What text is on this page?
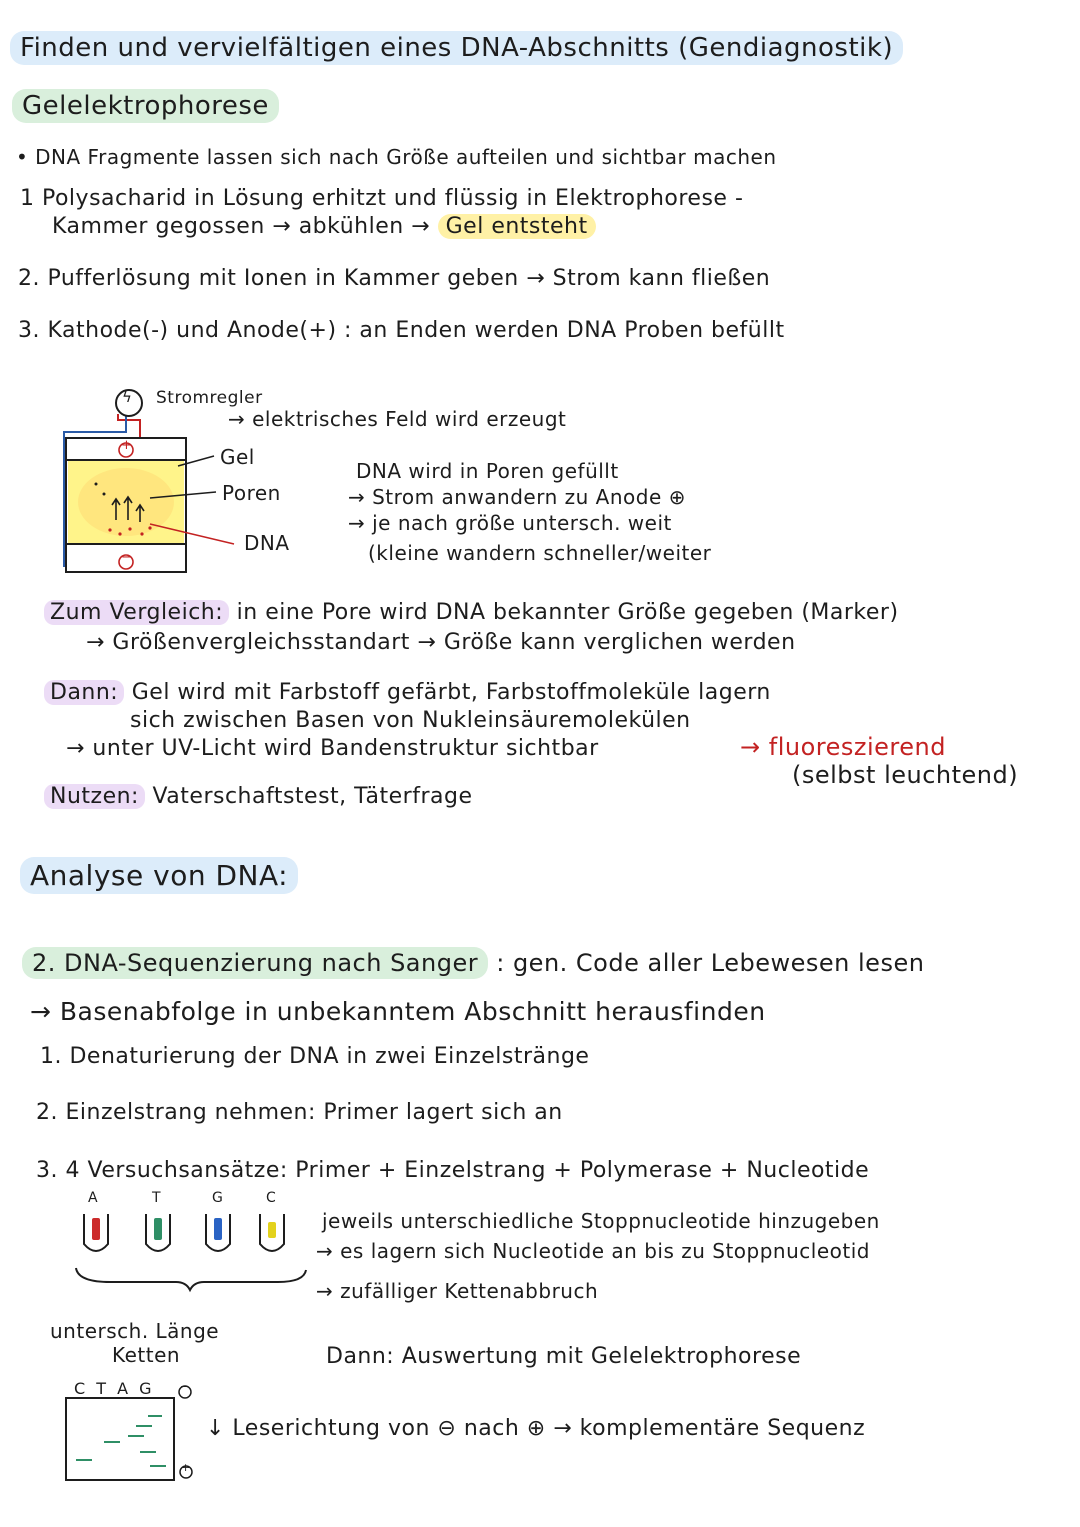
Finden und vervielfältigen eines DNA-Abschnitts (Gendiagnostik)
Gelelektrophorese
• DNA Fragmente lassen sich nach Größe aufteilen und sichtbar machen
1 Polysacharid in Lösung erhitzt und flüssig in Elektrophorese -
Kammer gegossen → abkühlen → Gel entsteht
2. Pufferlösung mit Ionen in Kammer geben → Strom kann fließen
3. Kathode(-) und Anode(+) : an Enden werden DNA Proben befüllt
ϟ
+
−
Stromregler
→ elektrisches Feld wird erzeugt
Gel
Poren
DNA
DNA wird in Poren gefüllt
→ Strom anwandern zu Anode ⊕
→ je nach größe untersch. weit
(kleine wandern schneller/weiter
Zum Vergleich: in eine Pore wird DNA bekannter Größe gegeben (Marker)
→ Größenvergleichsstandart → Größe kann verglichen werden
Dann: Gel wird mit Farbstoff gefärbt, Farbstoffmoleküle lagern
sich zwischen Basen von Nukleinsäuremolekülen
→ unter UV-Licht wird Bandenstruktur sichtbar	→ fluoreszierend
(selbst leuchtend)
Nutzen: Vaterschaftstest, Täterfrage
Analyse von DNA:
2. DNA-Sequenzierung nach Sanger : gen. Code aller Lebewesen lesen
→ Basenabfolge in unbekanntem Abschnitt herausfinden
1. Denaturierung der DNA in zwei Einzelstränge
2. Einzelstrang nehmen: Primer lagert sich an
3. 4 Versuchsansätze: Primer + Einzelstrang + Polymerase + Nucleotide
A	T	G	C
jeweils unterschiedliche Stoppnucleotide hinzugeben
→ es lagern sich Nucleotide an bis zu Stoppnucleotid
→ zufälliger Kettenabbruch
untersch. Länge
Ketten	Dann: Auswertung mit Gelelektrophorese
C T A G −
+
↓ Leserichtung von ⊖ nach ⊕ → komplementäre Sequenz
